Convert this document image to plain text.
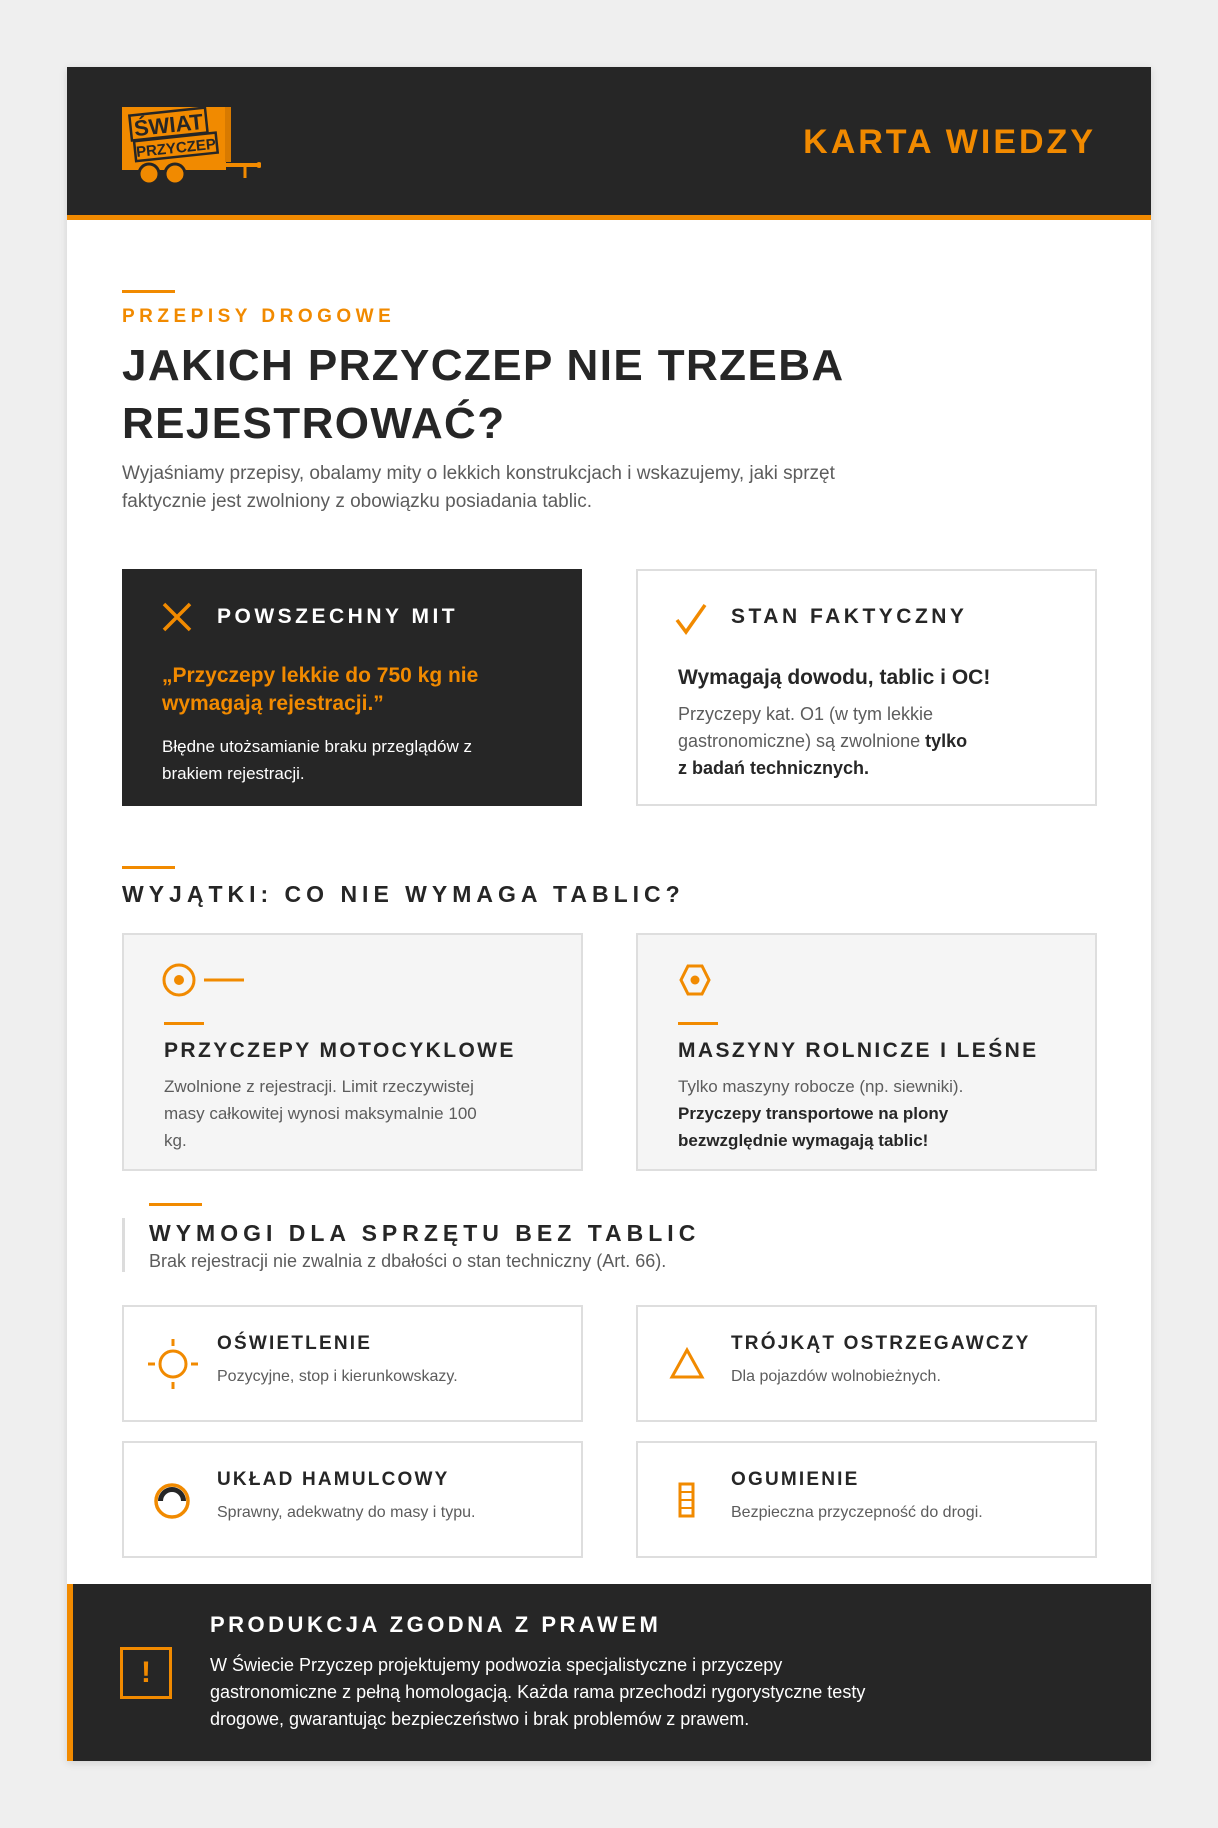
ŚWIAT
PRZYCZEP	KARTA WIEDZY
PRZEPISY DROGOWE
JAKICH PRZYCZEP NIE TRZEBA REJESTROWAĆ?
Wyjaśniamy przepisy, obalamy mity o lekkich konstrukcjach i wskazujemy, jaki sprzęt faktycznie jest zwolniony z obowiązku posiadania tablic.
POWSZECHNY MIT
„Przyczepy lekkie do 750 kg nie wymagają rejestracji.”
Błędne utożsamianie braku przeglądów z brakiem rejestracji.
STAN FAKTYCZNY
Wymagają dowodu, tablic i OC!
Przyczepy kat. O1 (w tym lekkie gastronomiczne) są zwolnione tylko z badań technicznych.
WYJĄTKI: CO NIE WYMAGA TABLIC?
PRZYCZEPY MOTOCYKLOWE
Zwolnione z rejestracji. Limit rzeczywistej masy całkowitej wynosi maksymalnie 100 kg.
MASZYNY ROLNICZE I LEŚNE
Tylko maszyny robocze (np. siewniki). Przyczepy transportowe na plony bezwzględnie wymagają tablic!
WYMOGI DLA SPRZĘTU BEZ TABLIC
Brak rejestracji nie zwalnia z dbałości o stan techniczny (Art. 66).
OŚWIETLENIE
Pozycyjne, stop i kierunkowskazy.
TRÓJKĄT OSTRZEGAWCZY
Dla pojazdów wolnobieżnych.
UKŁAD HAMULCOWY
Sprawny, adekwatny do masy i typu.
OGUMIENIE
Bezpieczna przyczepność do drogi.
!
PRODUKCJA ZGODNA Z PRAWEM
W Świecie Przyczep projektujemy podwozia specjalistyczne i przyczepy gastronomiczne z pełną homologacją. Każda rama przechodzi rygorystyczne testy drogowe, gwarantując bezpieczeństwo i brak problemów z prawem.
